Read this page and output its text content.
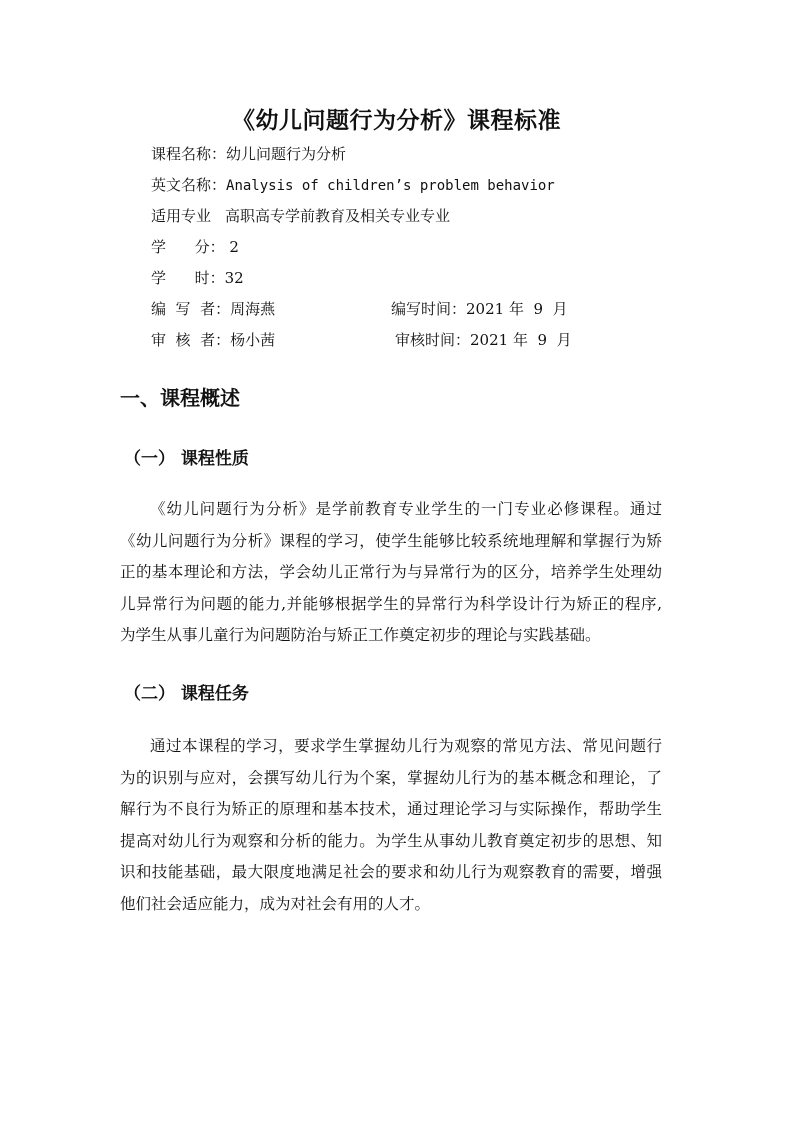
《幼儿问题行为分析》课程标准
课程名称：幼儿问题行为分析
英文名称：Analysis of children’s problem behavior
适用专业 高职高专学前教育及相关专业专业
学      分： 2
学      时：32
编  写  者：周海燕	编写时间：2021 年  9  月
审  核  者：杨小茜	审核时间：2021 年  9  月
一、课程概述
（一） 课程性质
《幼儿问题行为分析》是学前教育专业学生的一门专业必修课程。通过
《幼儿问题行为分析》课程的学习，使学生能够比较系统地理解和掌握行为矫
正的基本理论和方法，学会幼儿正常行为与异常行为的区分，培养学生处理幼
儿异常行为问题的能力,并能够根据学生的异常行为科学设计行为矫正的程序,
为学生从事儿童行为问题防治与矫正工作奠定初步的理论与实践基础。
（二） 课程任务
通过本课程的学习，要求学生掌握幼儿行为观察的常见方法、常见问题行
为的识别与应对，会撰写幼儿行为个案，掌握幼儿行为的基本概念和理论，了
解行为不良行为矫正的原理和基本技术，通过理论学习与实际操作，帮助学生
提高对幼儿行为观察和分析的能力。为学生从事幼儿教育奠定初步的思想、知
识和技能基础，最大限度地满足社会的要求和幼儿行为观察教育的需要，增强
他们社会适应能力，成为对社会有用的人才。
